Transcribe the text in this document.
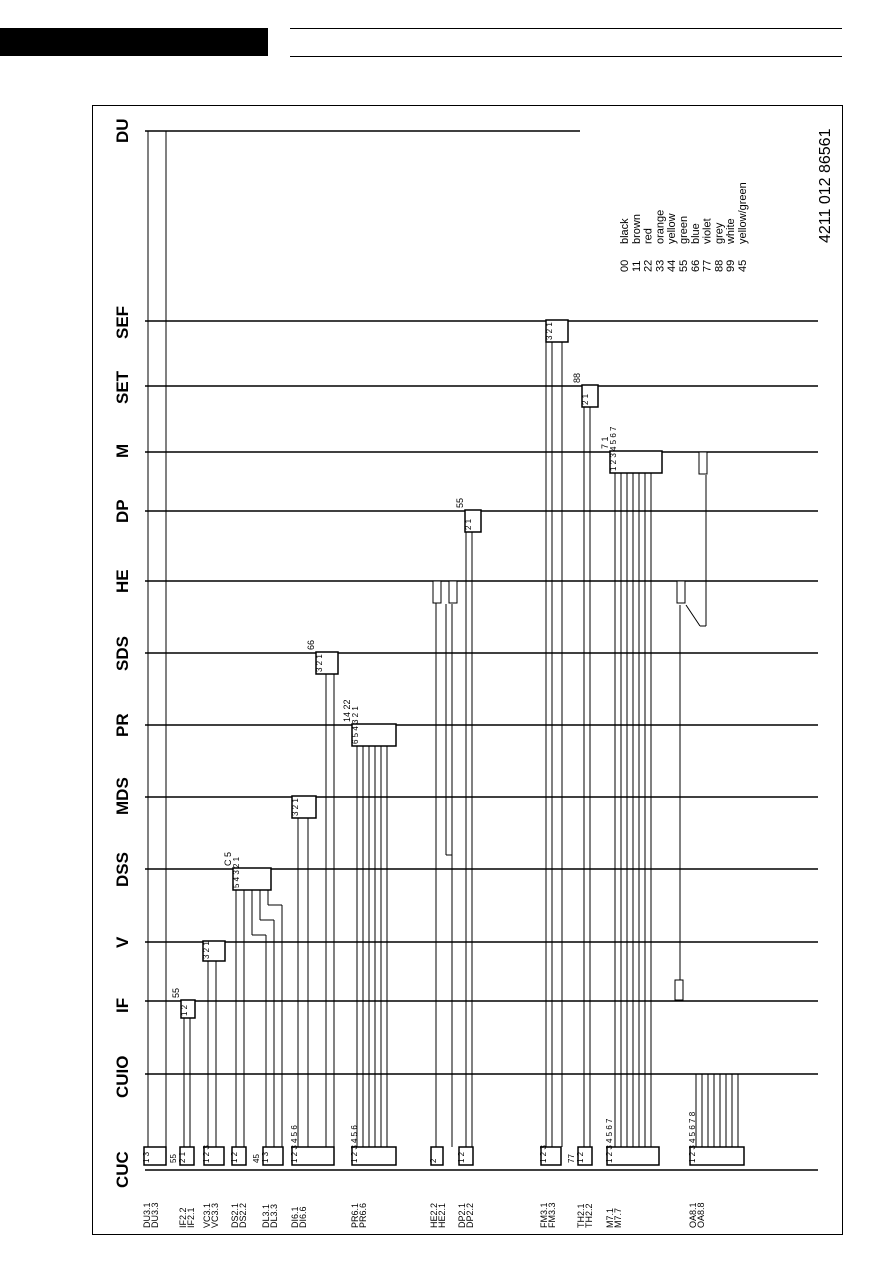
CUC
CUIO
IF
V
DSS
MDS
PR
SDS
HE
DP
M
SET
SEF
DU
1 3
DU3.1
DU3.3
2 1
IF2.2
IF2.1
55	1 2 3
VC3.1
VC3.3
1 2
DS2.1
DS2.2
1 3
DL3.1
DL3.3
45	1 2 3 4 5 6
DI6.1
DI6.6
1 2 3 4 5 6
PR6.1
PR6.6
2
HE2.2
HE2.1
1 2
DP2.1
DP2.2
1 2 3
FM3.1
FM3.3
1 2
TH2.1
TH2.2
77	1 2 3 4 5 6 7
M7.1
M7.7
1 2 3 4 5 6 7 8
OA8.1
OA8.8
1 2
55
3 2 1
5 4 3 2 1
C 5
3 2 1
6 5 4 3 2 1
14 22
3 2 1
66
2 1
55
1 2 3 4 5 6 7
7 1
2 1
88
3 2 1
00
black
11
brown
22
red
33
orange
44
yellow
55
green
66
blue
77
violet
88
grey
99
white
45
yellow/green	4211 012 86561
